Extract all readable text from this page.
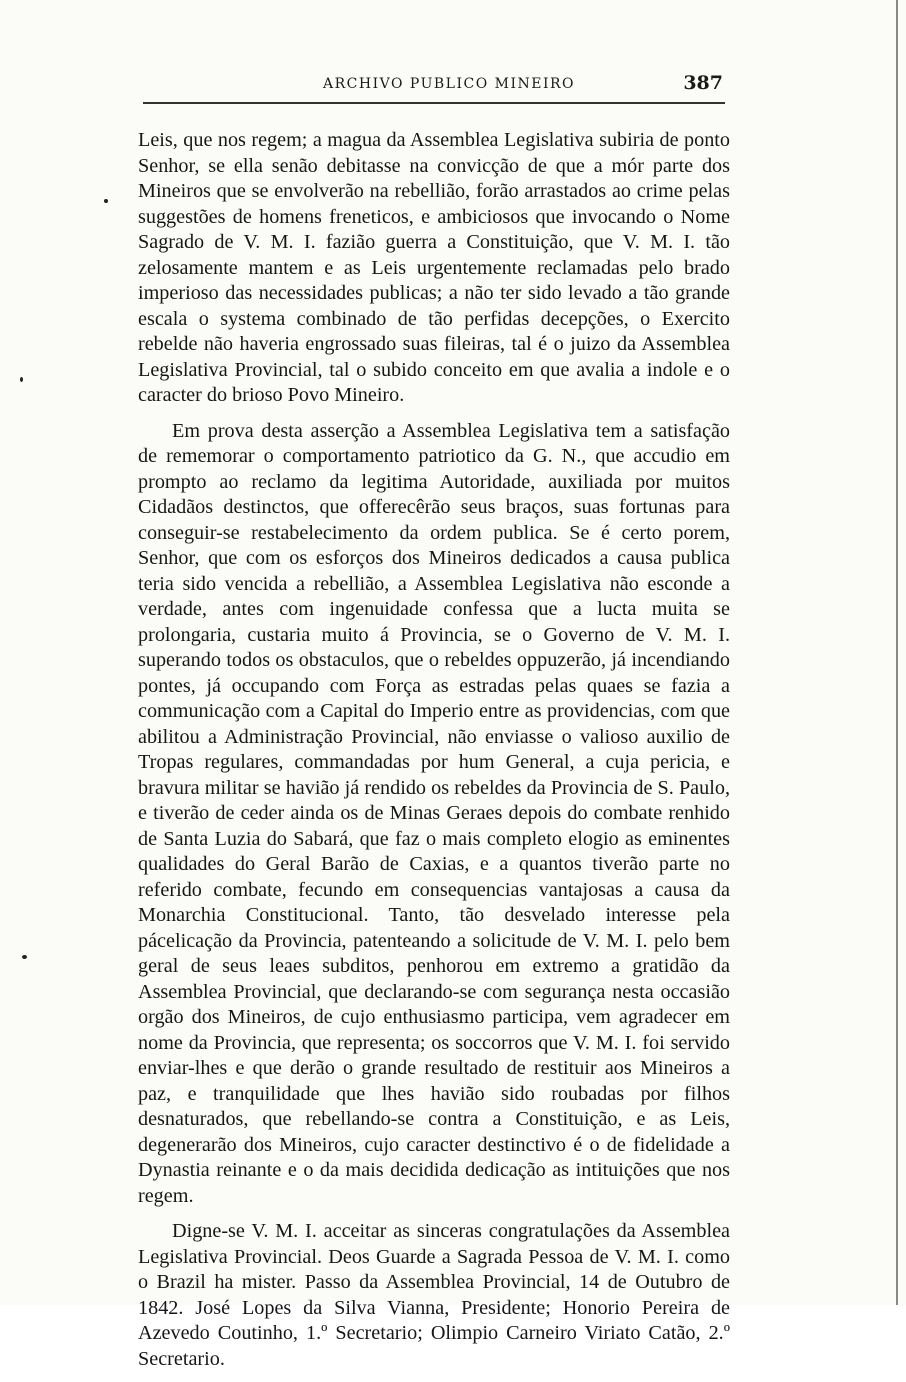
ARCHIVO PUBLICO MINEIRO	387

Leis, que nos regem; a magua da Assemblea Legislativa subiria de ponto Senhor, se ella senão debitasse na convicção de que a mór parte dos Mineiros que se envolverão na rebellião, forão arrastados ao crime pelas suggestões de homens freneticos, e ambiciosos que invocando o Nome Sagrado de V. M. I. fazião guerra a Constituição, que V. M. I. tão zelosamente mantem e as Leis urgentemente reclamadas pelo brado imperioso das necessidades publicas; a não ter sido levado a tão grande escala o systema combinado de tão perfidas decepções, o Exercito rebelde não haveria engrossado suas fileiras, tal é o juizo da Assemblea Legislativa Provincial, tal o subido conceito em que avalia a indole e o caracter do brioso Povo Mineiro.

Em prova desta asserção a Assemblea Legislativa tem a satisfação de rememorar o comportamento patriotico da G. N., que accudio em prompto ao reclamo da legitima Autoridade, auxiliada por muitos Cidadãos destinctos, que offerecêrão seus braços, suas fortunas para conseguir-se restabelecimento da ordem publica. Se é certo porem, Senhor, que com os esforços dos Mineiros dedicados a causa publica teria sido vencida a rebellião, a Assemblea Legislativa não esconde a verdade, antes com ingenuidade confessa que a lucta muita se prolongaria, custaria muito á Provincia, se o Governo de V. M. I. superando todos os obstaculos, que o rebeldes oppuzerão, já incendiando pontes, já occupando com Força as estradas pelas quaes se fazia a communicação com a Capital do Imperio entre as providencias, com que abilitou a Administração Provincial, não enviasse o valioso auxilio de Tropas regulares, commandadas por hum General, a cuja pericia, e bravura militar se havião já rendido os rebeldes da Provincia de S. Paulo, e tiverão de ceder ainda os de Minas Geraes depois do combate renhido de Santa Luzia do Sabará, que faz o mais completo elogio as eminentes qualidades do Geral Barão de Caxias, e a quantos tiverão parte no referido combate, fecundo em consequencias vantajosas a causa da Monarchia Constitucional. Tanto, tão desvelado interesse pela pácelicação da Provincia, patenteando a solicitude de V. M. I. pelo bem geral de seus leaes subditos, penhorou em extremo a gratidão da Assemblea Provincial, que declarando-se com segurança nesta occasião orgão dos Mineiros, de cujo enthusiasmo participa, vem agradecer em nome da Provincia, que representa; os soccorros que V. M. I. foi servido enviar-lhes e que derão o grande resultado de restituir aos Mineiros a paz, e tranquilidade que lhes havião sido roubadas por filhos desnaturados, que rebellando-se contra a Constituição, e as Leis, degenerarão dos Mineiros, cujo caracter destinctivo é o de fidelidade a Dynastia reinante e o da mais decidida dedicação as intituições que nos regem.

Digne-se V. M. I. acceitar as sinceras congratulações da Assemblea Legislativa Provincial. Deos Guarde a Sagrada Pessoa de V. M. I. como o Brazil ha mister. Passo da Assemblea Provincial, 14 de Outubro de 1842. José Lopes da Silva Vianna, Presidente; Honorio Pereira de Azevedo Coutinho, 1.º Secretario; Olimpio Carneiro Viriato Catão, 2.º Secretario.
